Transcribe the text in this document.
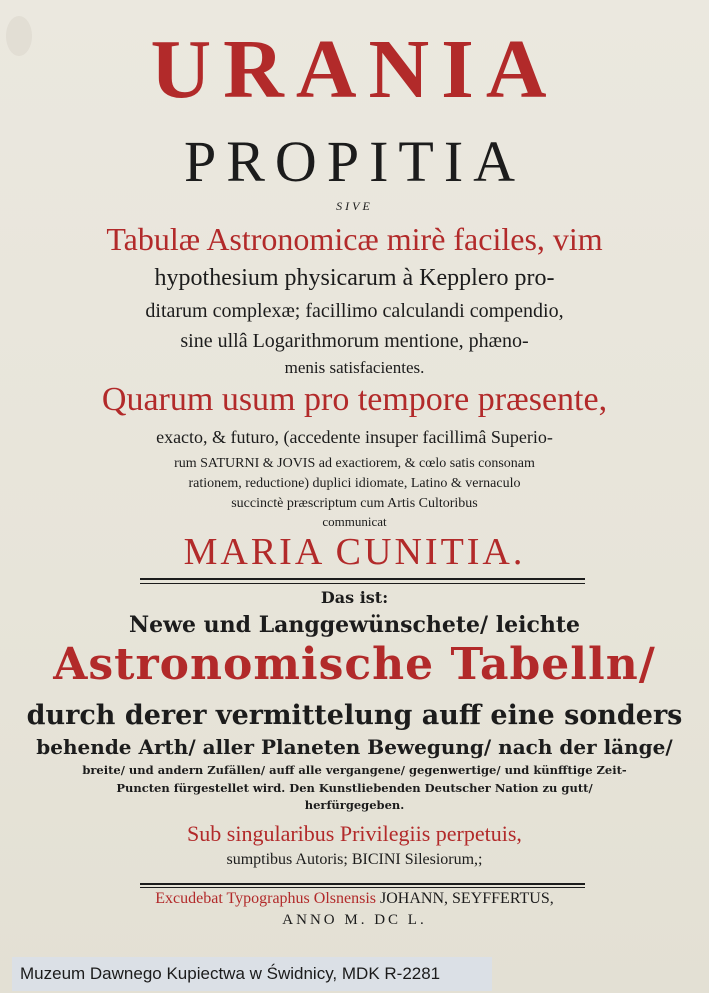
URANIA
PROPITIA
SIVE
Tabulæ Astronomicæ mirè faciles, vim
hypothesium physicarum à Kepplero pro-
ditarum complexæ; facillimo calculandi compendio,
sine ullâ Logarithmorum mentione, phæno-
menis satisfacientes.
Quarum usum pro tempore præsente,
exacto, & futuro, (accedente insuper facillimâ Superio-
rum SATURNI & JOVIS ad exactiorem, & cœlo satis consonam
rationem, reductione) duplici idiomate, Latino & vernaculo
succinctè præscriptum cum Artis Cultoribus
communicat
MARIA CUNITIA.
Das ist:
Newe und Langgewünschete/ leichte
Astronomische Tabelln/
durch derer vermittelung auff eine sonders
behende Arth/ aller Planeten Bewegung/ nach der länge/
breite/ und andern Zufällen/ auff alle vergangene/ gegenwertige/ und künfftige Zeit-
Puncten fürgestellet wird. Den Kunstliebenden Deutscher Nation zu gutt/
herfürgegeben.
Sub singularibus Privilegiis perpetuis,
sumptibus Autoris; BICINI Silesiorum,;
Excudebat Typographus Olsnensis JOHANN, SEYFFERTUS,
ANNO M. DC L.
Muzeum Dawnego Kupiectwa w Świdnicy, MDK R-2281
